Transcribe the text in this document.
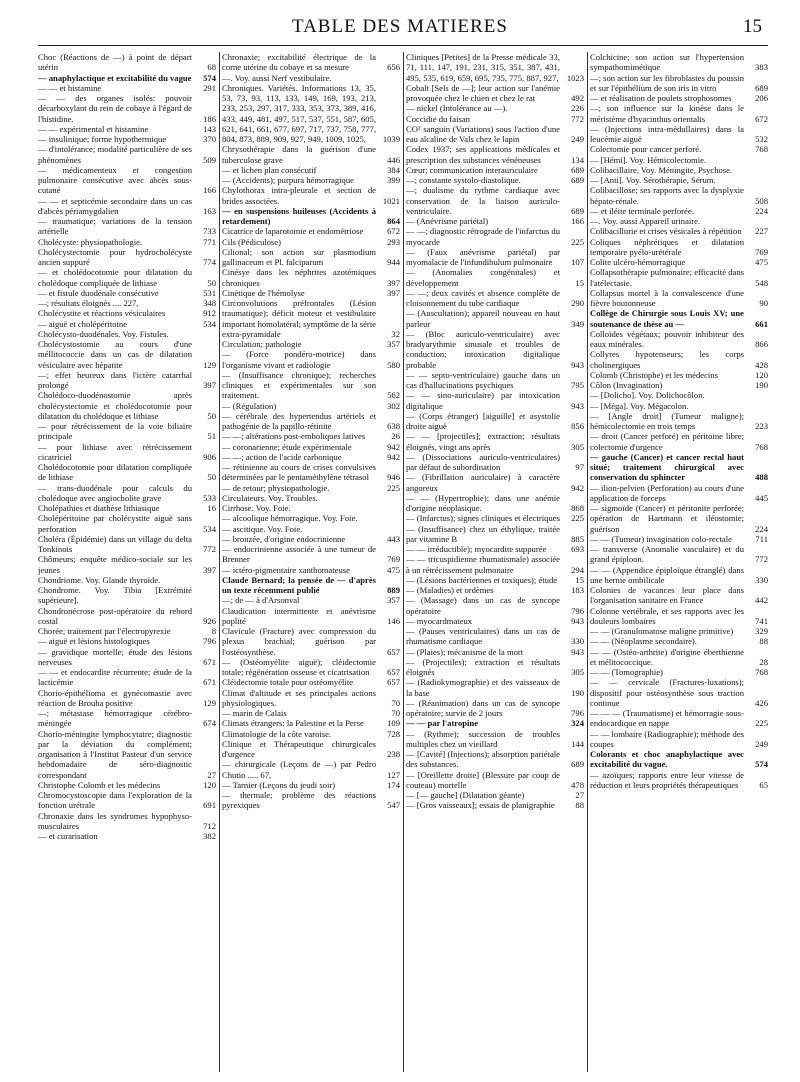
TABLE DES MATIERES	15
Choc (Réactions de —) à point de départ utérin	68
— anaphylactique et excitabilité du vague	574
— — et histamine	291
— — des organes isolés: pouvoir décarboxylant du rein de cobaye à l'égard de l'histidine.	186
— — expérimental et histamine	143
— insulinique; forme hypothermique	370
— d'intolérance; modalité particulière de ses phénomènes	509
— médicamenteux et congestion pulmonaire consécutive avec abcès sous-cutané	166
— — et septicémie secondaire dans un cas d'abcès périamygdalien	163
— traumatique; variations de la tension artérielle	733
Cholécyste: physiopathologie.	771
Cholécystectomie pour hydrocholécyste ancien suppuré	774
— et cholédocotomie pour dilatation du cholédoque compliquée de lithiase	50
— et fistule duodénale consécutive	531
—; résultats éloignés .... 227,	348
Cholécystite et réactions vésiculaires	912
— aiguë et cholépéritoine	534
Cholécysto-duodénales. Voy. Fistules.
Cholécystostomie au cours d'une méllitococcie dans un cas de dilatation vésiculaire avec hépatite	129
—; effet heureux dans l'ictère catarrhal prolongé	397
Cholédoco-duodénostomie après cholécystectomie et cholédocotomie pour dilatation du cholédoque et lithiase	50
— pour rétrécissement de la voie biliaire principale	51
— pour lithiase avec rétrécissement cicatriciel	906
Cholédocotomie pour dilatation compliquée de lithiase	50
— trans-duodénale pour calculs du cholédoque avec angiocholite grave	533
Cholépathies et diathèse lithiasique	16
Cholépéritoine par cholécystite aiguë sans perforation	534
Choléra (Épidémie) dans un village du delta Tonkinois	772
Chômeurs; enquête médico-sociale sur les jeunes	397
Chondriome. Voy. Glande thyroïde.
Chondrome. Voy. Tibia [Extrémité supérieure].
Chondronécrose post-opératoire du rebord costal	926
Chorée; traitement par l'électropyrexie	8
— aiguë et lésions histologiques	796
— gravidique mortelle; étude des lésions nerveuses	671
— — et endocardite récurrente; étude de la lacticémie	671
Chorio-épithélioma et gynécomastie avec réaction de Brouha positive	129
—; métastase hémorragique cérébro-méningée	674
Chorio-méningite lymphocytaire; diagnostic par la déviation du complément; organisation à l'Institut Pasteur d'un service hebdomadaire de séro-diagnostic correspondant	27
Christophe Colomb et les médecins	120
Chromocystoscopie dans l'exploration de la fonction urétrale	691
Chronaxie dans les syndromes hypophyso-musculaires	712
— et curarisation	382
Chronaxie; excitabilité électrique de la corne utérine du cobaye et sa mesure	656
—. Voy. aussi Nerf vestibulaire.
Chroniques. Variétés. Informations 13, 35, 53, 73, 93, 113, 133, 149, 169, 193, 213, 233, 253, 297, 317, 333, 353, 373, 389, 416, 433, 449, 481, 497, 517, 537, 551, 587, 605, 621, 641, 661, 677, 697, 717, 737, 758, 777, 804, 873, 889, 909, 927, 949, 1009, 1025,	1039
Chrysothérapie dans la guérison d'une tuberculose grave	446
— et lichen plan consécutif	384
— (Accidents); purpura hémorragique	399
Chylothorax intra-pleurale et section de brides associées.	1021
— en suspensions huileuses (Accidents à retardement)	864
Cicatrice de laparotomie et endométriose	672
Cils (Pédiculose)	293
Cilional; son action sur plasmodium gallinaceum et Pl. falciparum	944
Cinésye dans les néphrites azotémiques chroniques	397
Cinétique de l'hémolyse	397
Circonvolutions préfrontales (Lésion traumatique); déficit moteur et vestibulaire important homolatéral; symptôme de la série extra-pyramidale	32
Circulation; pathologie	357
— (Force pondéro-motrice) dans l'organisme vivant et radiologie	580
— (Insuffisance chronique); recherches cliniques et expérimentales sur son traitement.	562
— (Régulation)	302
— cérébrale des hypertendus artériels et pathogénie de la papillo-rétinite	638
— —; altérations post-emboliques latives	26
— coronarienne; étude expérimentale	942
— —; action de l'acide carbonique	942
— rétinienne au cours de crises convulsives déterminées par le pentaméthylène tétrasol	946
— de retour; physiopathologie.	225
Circulateurs. Voy. Troubles.
Cirrhose. Voy. Foie.
— alcoolique hémorragique. Voy. Foie.
— ascitique. Voy. Foie.
— bronzée, d'origine endocrinienne	443
— endocrinienne associée à une tumeur de Brenner	769
— ictéro-pigmentaire xanthomateuse	475
Claude Bernard; la pensée de — d'après un texte récemment publié	889
—; de — à d'Arsonval	357
Claudication intermittente et anévrisme poplité	146
Clavicule (Fracture) avec compression du plexus brachial; guérison par l'ostéosynthèse.	657
— (Ostéomyélite aiguë); cléidectomie totale; régénération osseuse et cicatrisation	657
Cléidectomie totale pour ostéomyélite	657
Climat d'altitude et ses principales actions physiologiques.	70
— marin de Calais	70
Climats étrangers: la Palestine et la Perse	109
Climatologie de la côte varoise.	728
Clinique et Thérapeutique chirurgicales d'urgence	238
— chirurgicale (Leçons de —) par Pedro Chutio ..... 67,	127
— Tarnier (Leçons du jeudi soir)	174
— thermale; problème des réactions pyrexiques	547
Cliniques [Petites] de la Presse médicale 33, 71, 111, 147, 191, 231, 315, 351, 387, 431, 495, 535, 619, 659, 695, 735, 775, 887, 927, 1023
Cobalt [Sels de —]; leur action sur l'anémie provoquée chez le chien et chez le rat	492
— nickel (Intolérance au —).	226
Coccidie du faisan	772
CO² sanguin (Variations) sous l'action d'une eau alcaline de Vals chez le lapin	249
Codex 1937; ses applications médicales et prescription des substances vénéneuses	134
Cœur; communication interauriculaire	689
—; constante systolo-diastolique.	689
—; dualisme du rythme cardiaque avec conservation de la liaison auriculo-ventriculaire.	689
— (Anévrisme pariétal)	166
— —; diagnostic rétrograde de l'infarctus du myocarde	225
— (Faux anévrisme pariétal) par myomalacie de l'infundibulum pulmonaire	107
— (Anomalies congénitales) et développement	15
— —; deux cavités et absence complète de cloisonnement du tube cardiaque	290
— (Auscultation); appareil nouveau en haut parleur	349
— (Bloc auriculo-ventriculaire) avec bradyarythmie sinusale et troubles de conduction; intoxication digitalique probable	943
— — septo-ventriculaire) gauche dans un cas d'hallucinations psychiques	795
— — sino-auriculaire) par intoxication digitalique	943
— (Corps étranger) [aiguille] et asystolie droite aiguë	856
— — [projectiles]; extraction; résultats éloignés, vingt ans après	305
— (Dissociations auriculo-ventriculaires) par défaut de subordination	97
— (Fibrillation auriculaire) à caractère angoreux	942
— — (Hypertrophie); dans une anémie d'origine néoplasique.	868
— (Infarctus); signes cliniques et électriques	225
— (Insuffisance) chez un éthylique, traitée par vitamine B	885
— — irréductible); myocardite suppurée	693
— — tricuspidienne rhumatismale) associée à un rétrécissement pulmonaire	294
— (Lésions bactériennes et toxiques); étude	15
— (Maladies) et ordèmes	183
— (Massage) dans un cas de syncope opératoire	796
— myocardmateux	943
— (Pauses ventriculaires) dans un cas de rhumatisme cardiaque	330
— (Plaies); mécanisme de la mort	943
— (Projectiles); extraction et résultats éloignés	305
— (Radiokymographie) et des vaisseaux de la base	190
— (Réanimation) dans un cas de syncope opératoire; survie de 2 jours	796
— — par l'atropine	324
— (Rythme); succession de troubles multiples chez un vieillard	144
— [Cavité] (Injections); absorption pariétale des substances.	689
— [Oreillette droite] (Blessure par coup de couteau) mortelle	478
— [— gauche] (Dilatation géante)	27
— [Gros vaisseaux]; essais de planigraphie	88
Colchicine; son action sur l'hypertension sympathomimétique	383
—; son action sur les fibroblastes du poussin et sur l'épithélium de son iris in vitro	689
— et réalisation de poulets strophosomes	206
—; son influence sur la kinèse dans le méristème d'hyacinthus orientalis	672
— (Injections intra-médullaires) dans la leucémie aiguë	532
Colectomie pour cancer perforé.	768
— [Hémi]. Voy. Hémicolectomie.
Colibacillaire. Voy. Méningite, Psychose.
— [Anti]. Voy. Sérothérapie, Sérum.
Colibacillose; ses rapports avec la dysplyxie hépato-rénale.	508
— et iléite terminale perforée.	224
—. Voy. aussi Appareil urinaire.
Colibacillurie et crises vésicales à répétition	227
Coliques néphrétiques et dilatation temporaire pyélo-urétérale	769
Colite ulcéro-hémorragique	475
Collapsothérapie pulmonaire; efficacité dans l'atélectasie.	548
Collapsus mortel à la convalescence d'une fièvre boutonneuse	90
Collège de Chirurgie sous Louis XV; une soutenance de thèse au —	661
Colloïdes végétaux; pouvoir inhibiteur des eaux minérales.	866
Collyres hypotenseurs; les corps cholinergiques	428
Colomb (Christophe) et les médecins	120
Côlon (Invagination)	190
— [Dolicho]. Voy. Dolichocôlon.
— [Méga]. Voy. Mégacolon.
— [Angle droit] (Tumeur maligne); hémicolectomie en trois temps	223
— droit (Cancer perforé) en péritoine libre; colectomie d'urgence	768
— gauche (Cancer) et cancer rectal haut situé; traitement chirurgical avec conservation du sphincter	488
— ilion-pelvien (Perforation) au cours d'une application de forceps	445
— sigmoïde (Cancer) et péritonite perforée; opération de Hartmann et iléostomie; guérison	224
— — (Tumeur) invagination colo-rectale	711
— transverse (Anomalie vasculaire) et du grand épiploon.	772
— — (Appendice épiploïque étranglé) dans une hernie ombilicale	330
Colonies de vacances leur place dans l'organisation sanitaire en France	442
Colonne vertébrale, et ses rapports avec les douleurs lombaires	741
— — (Granulomatose maligne primitive)	329
— — (Néoplasme secondaire).	88
— — (Ostéo-arthrite) d'origine éberthienne et mélitococcique.	28
— — (Tomographie)	768
— — cervicale (Fractures-luxations); dispositif pour ostéosynthèse sous traction continue	426
— — — (Traumatisme) et hémorragie sous-endocardique en nappe	225
— — lombaire (Radiographie); méthode des coupes	249
Colorants et choc anaphylactique avec excitabilité du vague.	574
— azoïques; rapports entre leur vitesse de réduction et leurs propriétés thérapeutiques	65
